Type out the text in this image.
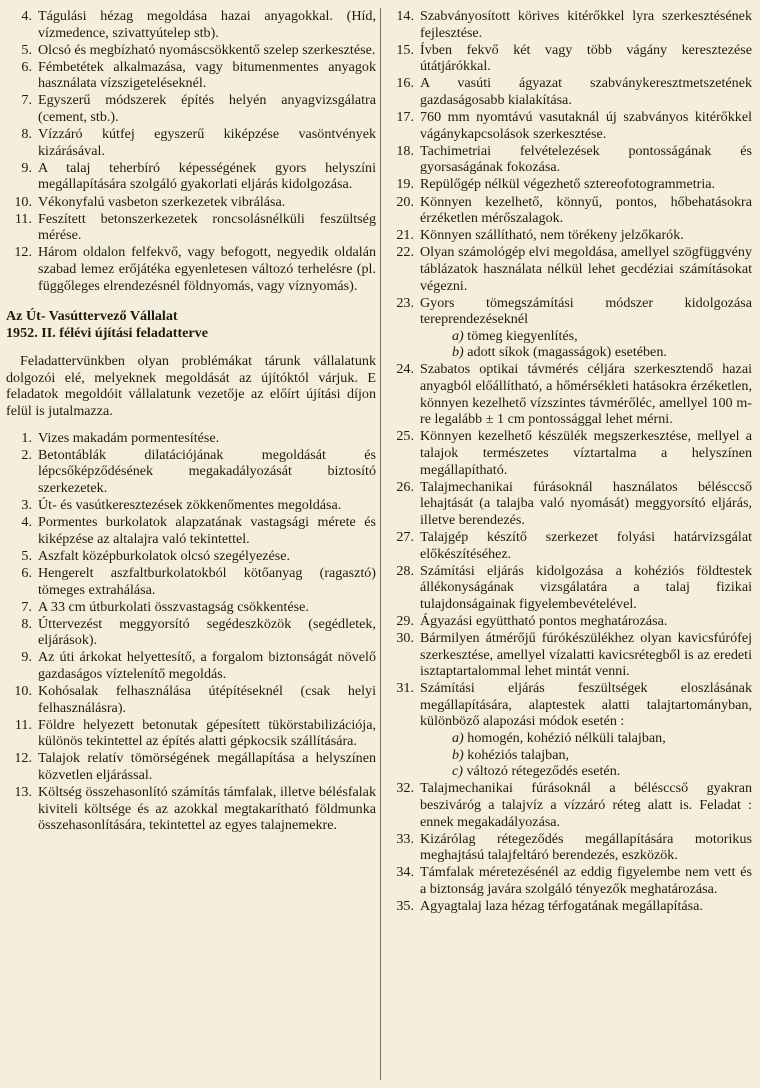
4. Tágulási hézag megoldása hazai anyagokkal. (Híd, vízmedence, szivattyútelep stb).
5. Olcsó és megbízható nyomáscsökkentő szelep szerkesztése.
6. Fémbetétek alkalmazása, vagy bitumenmentes anyagok használata vízszigeteléseknél.
7. Egyszerű módszerek építés helyén anyagvizsgálatra (cement, stb.).
8. Vízzáró kútfej egyszerű kiképzése vasöntvények kizárásával.
9. A talaj teherbíró képességének gyors helyszíni megállapítására szolgáló gyakorlati eljárás kidolgozása.
10. Vékonyfalú vasbeton szerkezetek vibrálása.
11. Feszített betonszerkezetek roncsolásnélküli feszültség mérése.
12. Három oldalon felfekvő, vagy befogott, negyedik oldalán szabad lemez erőjátéka egyenletesen változó terhelésre (pl. függőleges elrendezésnél földnyomás, vagy víznyomás).

Az Út- Vasúttervező Vállalat

1952. II. félévi újítási feladatterve

Feladattervünkben olyan problémákat tárunk vállalatunk dolgozói elé, melyeknek megoldását az újítóktól várjuk. E feladatok megoldóit vállalatunk vezetője az előírt újítási díjon felül is jutalmazza.

1. Vizes makadám pormentesítése.
2. Betontáblák dilatációjának megoldását és lépcsőképződésének megakadályozását biztosító szerkezetek.
3. Út- és vasútkeresztezések zökkenőmentes megoldása.
4. Pormentes burkolatok alapzatának vastagsági mérete és kiképzése az altalajra való tekintettel.
5. Aszfalt középburkolatok olcsó szegélyezése.
6. Hengerelt aszfaltburkolatokból kötőanyag (ragasztó) tömeges extrahálása.
7. A 33 cm útburkolati összvastagság csökkentése.
8. Úttervezést meggyorsító segédeszközök (segédletek, eljárások).
9. Az úti árkokat helyettesítő, a forgalom biztonságát növelő gazdaságos víztelenítő megoldás.
10. Kohósalak felhasználása útépítéseknél (csak helyi felhasználásra).
11. Földre helyezett betonutak gépesített tükörstabilizációja, különös tekintettel az építés alatti gépkocsik szállítására.
12. Talajok relatív tömörségének megállapítása a helyszínen közvetlen eljárással.
13. Költség összehasonlító számítás támfalak, illetve bélésfalak kiviteli költsége és az azokkal megtakarítható földmunka összehasonlítására, tekintettel az egyes talajnemekre.
14. Szabványosított körives kitérőkkel lyra szerkesztésének fejlesztése.
15. Ívben fekvő két vagy több vágány keresztezése útátjárókkal.
16. A vasúti ágyazat szabványkeresztmetszetének gazdaságosabb kialakítása.
17. 760 mm nyomtávú vasutaknál új szabványos kitérőkkel vágánykapcsolások szerkesztése.
18. Tachimetriai felvételezések pontosságának és gyorsaságának fokozása.
19. Repülőgép nélkül végezhető sztereofotogrammetria.
20. Könnyen kezelhető, könnyű, pontos, hőbehatásokra érzéketlen mérőszalagok.
21. Könnyen szállítható, nem törékeny jelzőkarók.
22. Olyan számológép elvi megoldása, amellyel szögfüggvény táblázatok használata nélkül lehet gecdéziai számításokat végezni.
23. Gyors tömegszámítási módszer kidolgozása tereprendezéseknél
a) tömeg kiegyenlítés,
b) adott síkok (magasságok) esetében.
24. Szabatos optikai távmérés céljára szerkesztendő hazai anyagból előállítható, a hőmérsékleti hatásokra érzéketlen, könnyen kezelhető vízszintes távmérőléc, amellyel 100 m-re legalább ± 1 cm pontossággal lehet mérni.
25. Könnyen kezelhető készülék megszerkesztése, mellyel a talajok természetes víztartalma a helyszínen megállapítható.
26. Talajmechanikai fúrásoknál használatos bélésccső lehajtását (a talajba való nyomását) meggyorsító eljárás, illetve berendezés.
27. Talajgép készítő szerkezet folyási határvizsgálat előkészítéséhez.
28. Számítási eljárás kidolgozása a kohéziós földtestek állékonyságának vizsgálatára a talaj fizikai tulajdonságainak figyelembevételével.
29. Ágyazási együttható pontos meghatározása.
30. Bármilyen átmérőjű fúrókészülékhez olyan kavicsfúrófej szerkesztése, amellyel vízalatti kavicsrétegből is az eredeti isztaptartalommal lehet mintát venni.
31. Számítási eljárás feszültségek eloszlásának megállapítására, alaptestek alatti talajtartományban, különböző alapozási módok esetén :
a) homogén, kohézió nélküli talajban,
b) kohéziós talajban,
c) változó rétegeződés esetén.
32. Talajmechanikai fúrásoknál a bélésccső gyakran besziváróg a talajvíz a vízzáró réteg alatt is. Feladat : ennek megakadályozása.
33. Kizárólag rétegeződés megállapítására motorikus meghajtású talajfeltáró berendezés, eszközök.
34. Támfalak méretezésénél az eddig figyelembe nem vett és a biztonság javára szolgáló tényezők meghatározása.
35. Agyagtalaj laza hézag térfogatának megállapítása.
